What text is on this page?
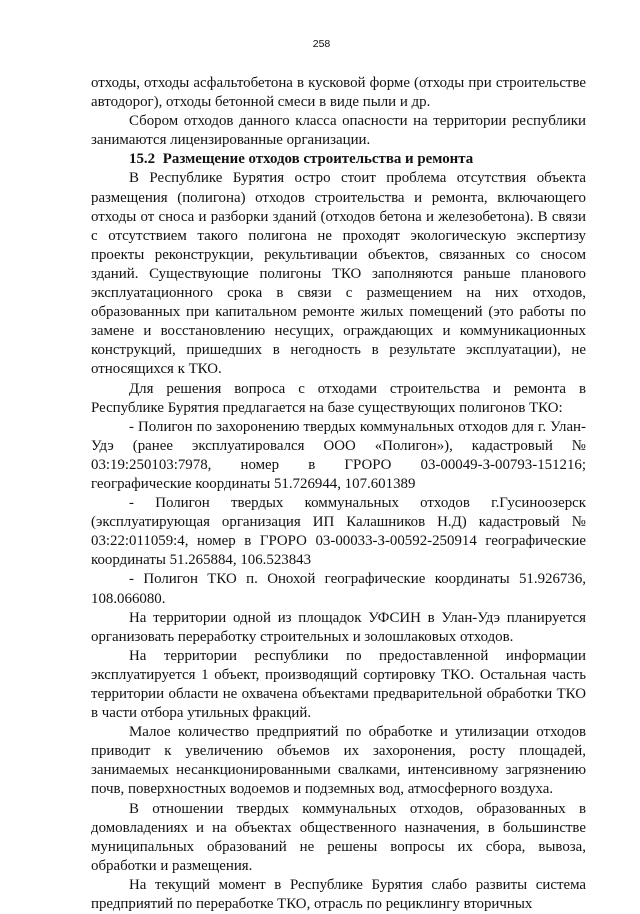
258

отходы, отходы асфальтобетона в кусковой форме (отходы при строительстве автодорог), отходы бетонной смеси в виде пыли и др.

Сбором отходов данного класса опасности на территории республики занимаются лицензированные организации.

15.2 Размещение отходов строительства и ремонта

В Республике Бурятия остро стоит проблема отсутствия объекта размещения (полигона) отходов строительства и ремонта, включающего отходы от сноса и разборки зданий (отходов бетона и железобетона). В связи с отсутствием такого полигона не проходят экологическую экспертизу проекты реконструкции, рекультивации объектов, связанных со сносом зданий. Существующие полигоны ТКО заполняются раньше планового эксплуатационного срока в связи с размещением на них отходов, образованных при капитальном ремонте жилых помещений (это работы по замене и восстановлению несущих, ограждающих и коммуникационных конструкций, пришедших в негодность в результате эксплуатации), не относящихся к ТКО.

Для решения вопроса с отходами строительства и ремонта в Республике Бурятия предлагается на базе существующих полигонов ТКО:

- Полигон по захоронению твердых коммунальных отходов для г. Улан-Удэ (ранее эксплуатировался ООО «Полигон»), кадастровый № 03:19:250103:7978, номер в ГРОРО 03-00049-З-00793-151216; географические координаты 51.726944, 107.601389

- Полигон твердых коммунальных отходов г.Гусиноозерск (эксплуатирующая организация ИП Калашников Н.Д) кадастровый № 03:22:011059:4, номер в ГРОРО 03-00033-З-00592-250914 географические координаты 51.265884, 106.523843

- Полигон ТКО п. Онохой географические координаты 51.926736, 108.066080.

На территории одной из площадок УФСИН в Улан-Удэ планируется организовать переработку строительных и золошлаковых отходов.

На территории республики по предоставленной информации эксплуатируется 1 объект, производящий сортировку ТКО. Остальная часть территории области не охвачена объектами предварительной обработки ТКО в части отбора утильных фракций.

Малое количество предприятий по обработке и утилизации отходов приводит к увеличению объемов их захоронения, росту площадей, занимаемых несанкционированными свалками, интенсивному загрязнению почв, поверхностных водоемов и подземных вод, атмосферного воздуха.

В отношении твердых коммунальных отходов, образованных в домовладениях и на объектах общественного назначения, в большинстве муниципальных образований не решены вопросы их сбора, вывоза, обработки и размещения.

На текущий момент в Республике Бурятия слабо развиты система предприятий по переработке ТКО, отрасль по рециклингу вторичных
